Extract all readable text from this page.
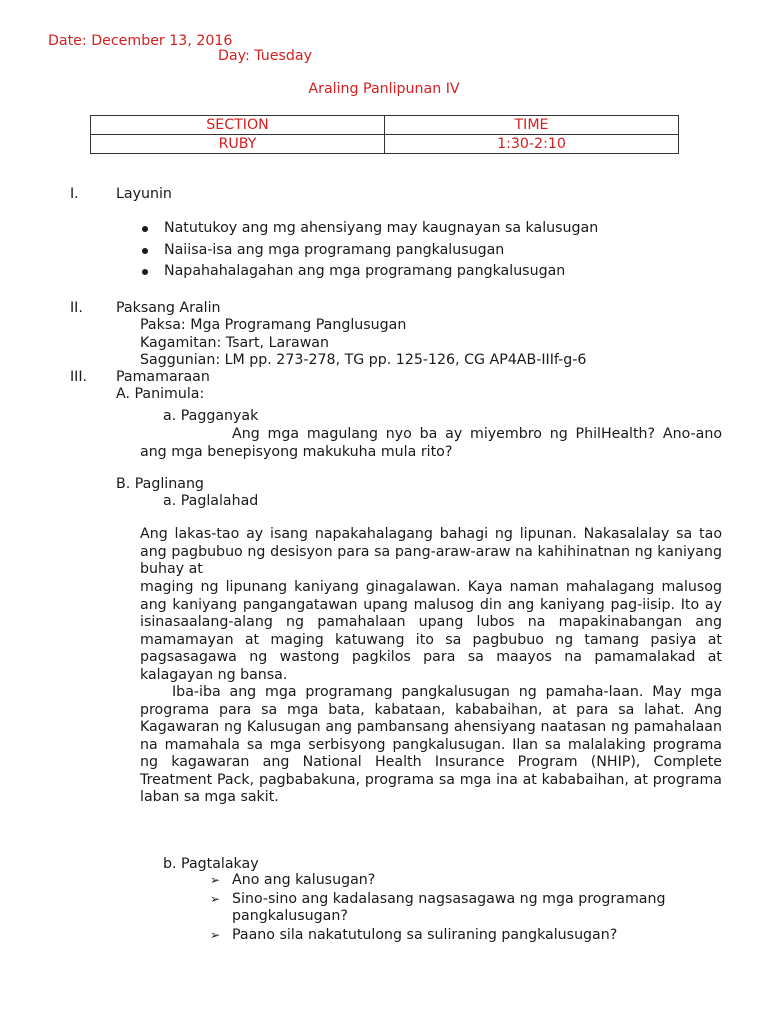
Date: December 13, 2016
Day: Tuesday
Araling Panlipunan IV
SECTION	TIME
RUBY	1:30-2:10
I.	Layunin
Natutukoy ang mg ahensiyang may kaugnayan sa kalusugan
Naiisa-isa ang mga programang pangkalusugan
Napahahalagahan ang mga programang pangkalusugan
II. Paksang Aralin
Paksa: Mga Programang Panglusugan
Kagamitan: Tsart, Larawan
Saggunian: LM pp. 273-278, TG pp. 125-126, CG AP4AB-IIIf-g-6
III. Pamamaraan
A. Panimula:
a. Pagganyak
Ang mga magulang nyo ba ay miyembro ng PhilHealth? Ano-ano ang mga benepisyong makukuha mula rito?
B. Paglinang
a. Paglalahad
Ang lakas-tao ay isang napakahalagang bahagi ng lipunan. Nakasalalay sa tao ang pagbubuo ng desisyon para sa pang-araw-araw na kahihinatnan ng kaniyang buhay at
maging ng lipunang kaniyang ginagalawan. Kaya naman mahalagang malusog ang kaniyang pangangatawan upang malusog din ang kaniyang pag-iisip. Ito ay isinasaalang-alang ng pamahalaan upang lubos na mapakinabangan ang mamamayan at maging katuwang ito sa pagbubuo ng tamang pasiya at pagsasagawa ng wastong pagkilos para sa maayos na pamamalakad at kalagayan ng bansa.
Iba-iba ang mga programang pangkalusugan ng pamaha-laan. May mga programa para sa mga bata, kabataan, kababaihan, at para sa lahat. Ang Kagawaran ng Kalusugan ang pambansang ahensiyang naatasan ng pamahalaan na mamahala sa mga serbisyong pangkalusugan. Ilan sa malalaking programa ng kagawaran ang National Health Insurance Program (NHIP), Complete Treatment Pack, pagbabakuna, programa sa mga ina at kababaihan, at programa laban sa mga sakit.
b. Pagtalakay
➢ Ano ang kalusugan?
➢ Sino-sino ang kadalasang nagsasagawa ng mga programang pangkalusugan?
➢ Paano sila nakatutulong sa suliraning pangkalusugan?
